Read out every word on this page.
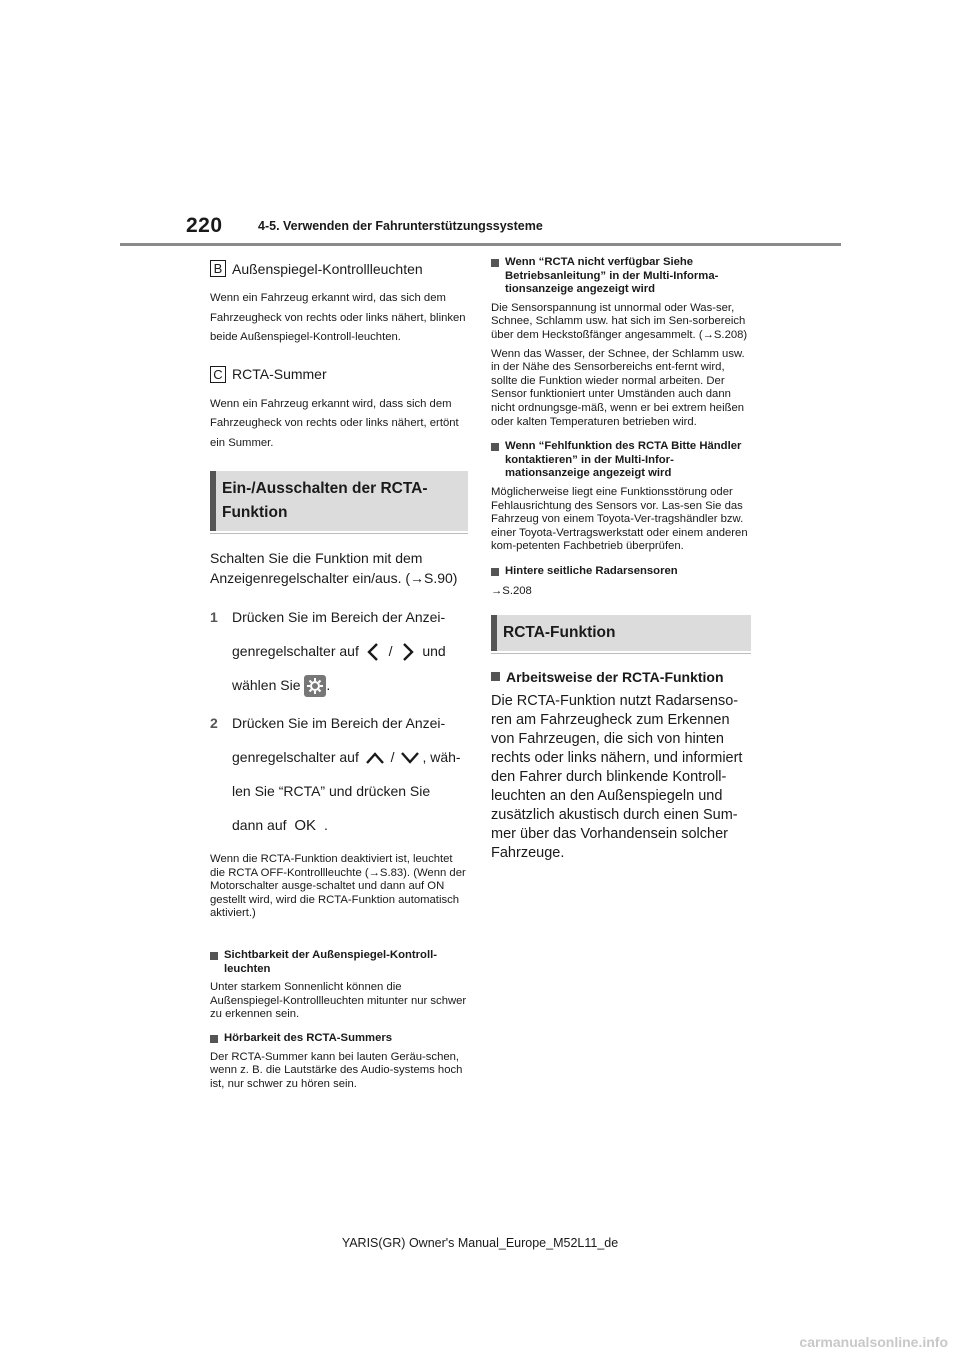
220	4-5. Verwenden der Fahrunterstützungssysteme
B Außenspiegel-Kontrollleuchten

Wenn ein Fahrzeug erkannt wird, das sich dem Fahrzeugheck von rechts oder links nähert, blinken beide Außenspiegel-Kontroll-leuchten.

C RCTA-Summer

Wenn ein Fahrzeug erkannt wird, dass sich dem Fahrzeugheck von rechts oder links nähert, ertönt ein Summer.

Ein-/Ausschalten der RCTA-Funktion

Schalten Sie die Funktion mit dem Anzeigenregelschalter ein/aus. (→S.90)

1	Drücken Sie im Bereich der Anzei-
genregelschalter auf / und
wählen Sie .
2	Drücken Sie im Bereich der Anzei-
genregelschalter auf / , wäh-
len Sie “RCTA” und drücken Sie
dann auf OK .

Wenn die RCTA-Funktion deaktiviert ist, leuchtet die RCTA OFF-Kontrollleuchte (→S.83). (Wenn der Motorschalter ausge-schaltet und dann auf ON gestellt wird, wird die RCTA-Funktion automatisch aktiviert.)

Sichtbarkeit der Außenspiegel-Kontroll-leuchten

Unter starkem Sonnenlicht können die Außenspiegel-Kontrollleuchten mitunter nur schwer zu erkennen sein.

Hörbarkeit des RCTA-Summers

Der RCTA-Summer kann bei lauten Geräu-schen, wenn z. B. die Lautstärke des Audio-systems hoch ist, nur schwer zu hören sein.

Wenn “RCTA nicht verfügbar Siehe Betriebsanleitung” in der Multi-Informa-tionsanzeige angezeigt wird

Die Sensorspannung ist unnormal oder Was-ser, Schnee, Schlamm usw. hat sich im Sen-sorbereich über dem Heckstoßfänger angesammelt. (→S.208)

Wenn das Wasser, der Schnee, der Schlamm usw. in der Nähe des Sensorbereichs ent-fernt wird, sollte die Funktion wieder normal arbeiten. Der Sensor funktioniert unter Umständen auch dann nicht ordnungsge-mäß, wenn er bei extrem heißen oder kalten Temperaturen betrieben wird.

Wenn “Fehlfunktion des RCTA Bitte Händler kontaktieren” in der Multi-Infor-mationsanzeige angezeigt wird

Möglicherweise liegt eine Funktionsstörung oder Fehlausrichtung des Sensors vor. Las-sen Sie das Fahrzeug von einem Toyota-Ver-tragshändler bzw. einer Toyota-Vertragswerkstatt oder einem anderen kom-petenten Fachbetrieb überprüfen.

Hintere seitliche Radarsensoren

→S.208

RCTA-Funktion
Arbeitsweise der RCTA-Funktion

Die RCTA-Funktion nutzt Radarsenso-ren am Fahrzeugheck zum Erkennen von Fahrzeugen, die sich von hinten rechts oder links nähern, und informiert den Fahrer durch blinkende Kontroll-leuchten an den Außenspiegeln und zusätzlich akustisch durch einen Sum-mer über das Vorhandensein solcher Fahrzeuge.

YARIS(GR) Owner's Manual_Europe_M52L11_de
carmanualsonline.info
